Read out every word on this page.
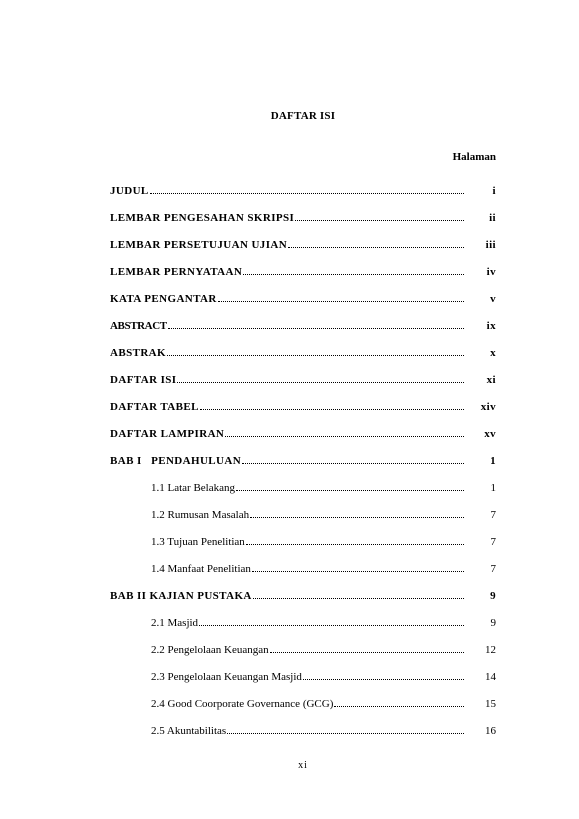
DAFTAR ISI
Halaman
JUDUL	i
LEMBAR PENGESAHAN SKRIPSI	ii
LEMBAR PERSETUJUAN UJIAN	iii
LEMBAR PERNYATAAN	iv
KATA PENGANTAR	v
ABSTRACT	ix
ABSTRAK	x
DAFTAR ISI	xi
DAFTAR TABEL	xiv
DAFTAR LAMPIRAN	xv
BAB I   PENDAHULUAN	1
1.1 Latar Belakang	1
1.2 Rumusan Masalah	7
1.3 Tujuan Penelitian	7
1.4 Manfaat Penelitian	7
BAB II KAJIAN PUSTAKA	9
2.1 Masjid	9
2.2 Pengelolaan Keuangan	12
2.3 Pengelolaan Keuangan Masjid	14
2.4 Good Coorporate Governance (GCG)	15
2.5 Akuntabilitas	16
xi
